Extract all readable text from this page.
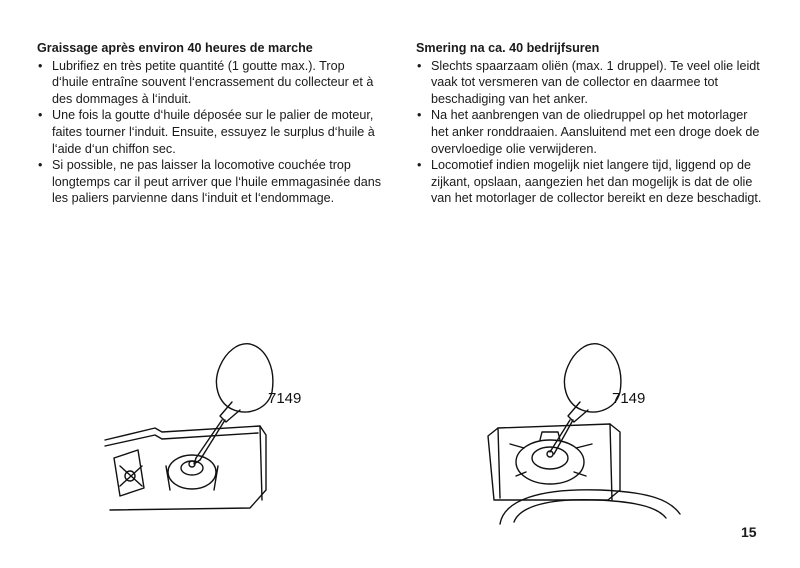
Graissage après environ 40 heures de marche
• Lubrifiez en très petite quantité (1 goutte max.). Trop d‘huile entraîne souvent l‘encrassement du collecteur et à des dommages à l‘induit.
• Une fois la goutte d‘huile déposée sur le palier de moteur, faites tourner l‘induit. Ensuite, essuyez le surplus d‘huile à l‘aide d‘un chiffon sec.
• Si possible, ne pas laisser la locomotive couchée trop longtemps car il peut arriver que l‘huile emmagasinée dans les paliers parvienne dans l‘induit et l‘endommage.
Smering na ca. 40 bedrijfsuren
• Slechts spaarzaam oliën (max. 1 druppel). Te veel olie leidt vaak tot versmeren van de collector en daarmee tot beschadiging van het anker.
• Na het aanbrengen van de oliedruppel op het motorlager het anker ronddraaien. Aansluitend met een droge doek de overvloedige olie verwijderen.
• Locomotief indien mogelijk niet langere tijd, liggend op de zijkant, opslaan, aangezien het dan mogelijk is dat de olie van het motorlager de collector bereikt en deze beschadigt.
7149	7149
15
